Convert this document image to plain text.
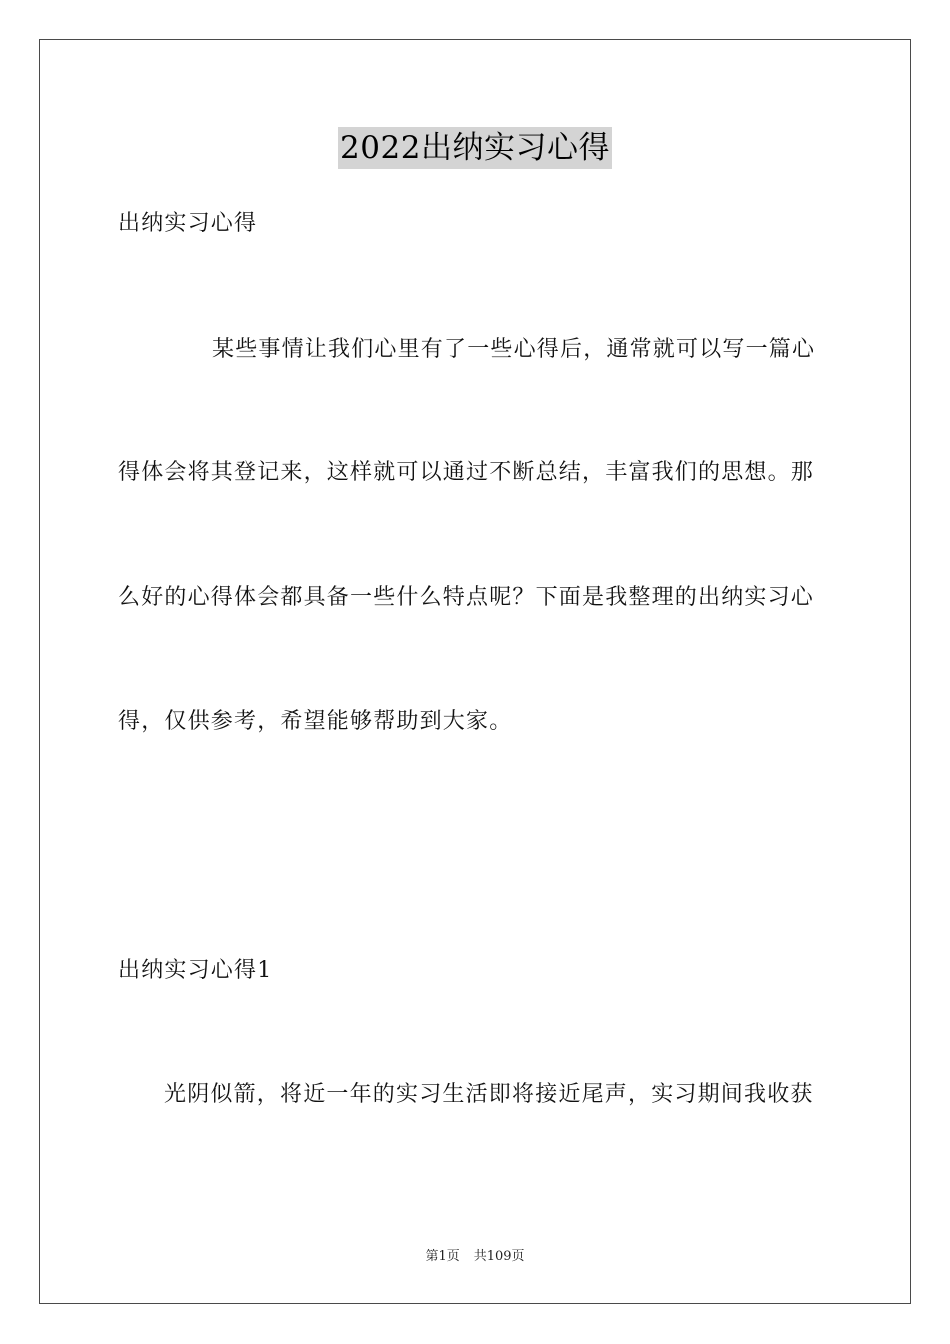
2022出纳实习心得
出纳实习心得
某些事情让我们心里有了一些心得后，通常就可以写一篇心
得体会将其登记来，这样就可以通过不断总结，丰富我们的思想。那
么好的心得体会都具备一些什么特点呢？下面是我整理的出纳实习心
得，仅供参考，希望能够帮助到大家。
出纳实习心得1
光阴似箭，将近一年的实习生活即将接近尾声，实习期间我收获
第1页 共109页
